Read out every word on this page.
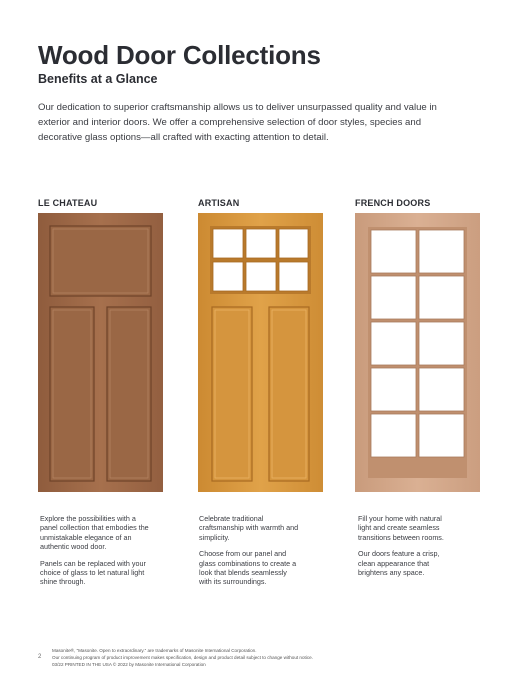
Wood Door Collections
Benefits at a Glance

Our dedication to superior craftsmanship allows us to deliver unsurpassed quality and value in exterior and interior doors. We offer a comprehensive selection of door styles, species and decorative glass options—all crafted with exacting attention to detail.

LE CHATEAU	ARTISAN	FRENCH DOORS

Explore the possibilities with a panel collection that embodies the unmistakable elegance of an authentic wood door.

Panels can be replaced with your choice of glass to let natural light shine through.

Celebrate traditional craftsmanship with warmth and simplicity.

Choose from our panel and glass combinations to create a look that blends seamlessly with its surroundings.

Fill your home with natural light and create seamless transitions between rooms.

Our doors feature a crisp, clean appearance that brightens any space.

2
Masonite®, “Masonite. Open to extraordinary.” are trademarks of Masonite International Corporation.
Our continuing program of product improvement makes specification, design and product detail subject to change without notice.
03/22 PRINTED IN THE USA © 2022 by Masonite International Corporation
